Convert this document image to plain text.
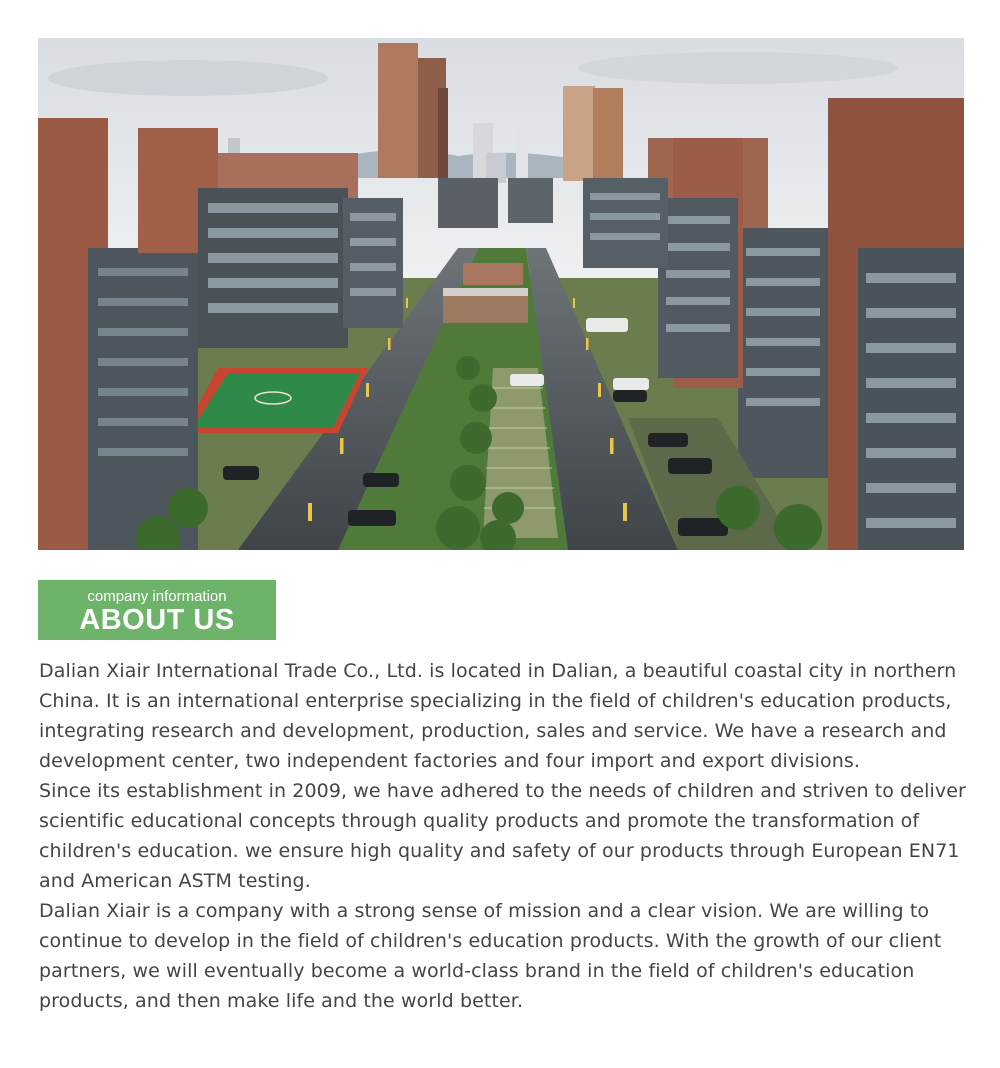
company information
ABOUT US

Dalian Xiair International Trade Co., Ltd. is located in Dalian, a beautiful coastal city in northern China. It is an international enterprise specializing in the field of children's education products, integrating research and development, production, sales and service. We have a research and development center, two independent factories and four import and export divisions.

Since its establishment in 2009, we have adhered to the needs of children and striven to deliver scientific educational concepts through quality products and promote the transformation of children's education. we ensure high quality and safety of our products through European EN71 and American ASTM testing.

Dalian Xiair is a company with a strong sense of mission and a clear vision. We are willing to continue to develop in the field of children's education products. With the growth of our client partners, we will eventually become a world-class brand in the field of children's education products, and then make life and the world better.
